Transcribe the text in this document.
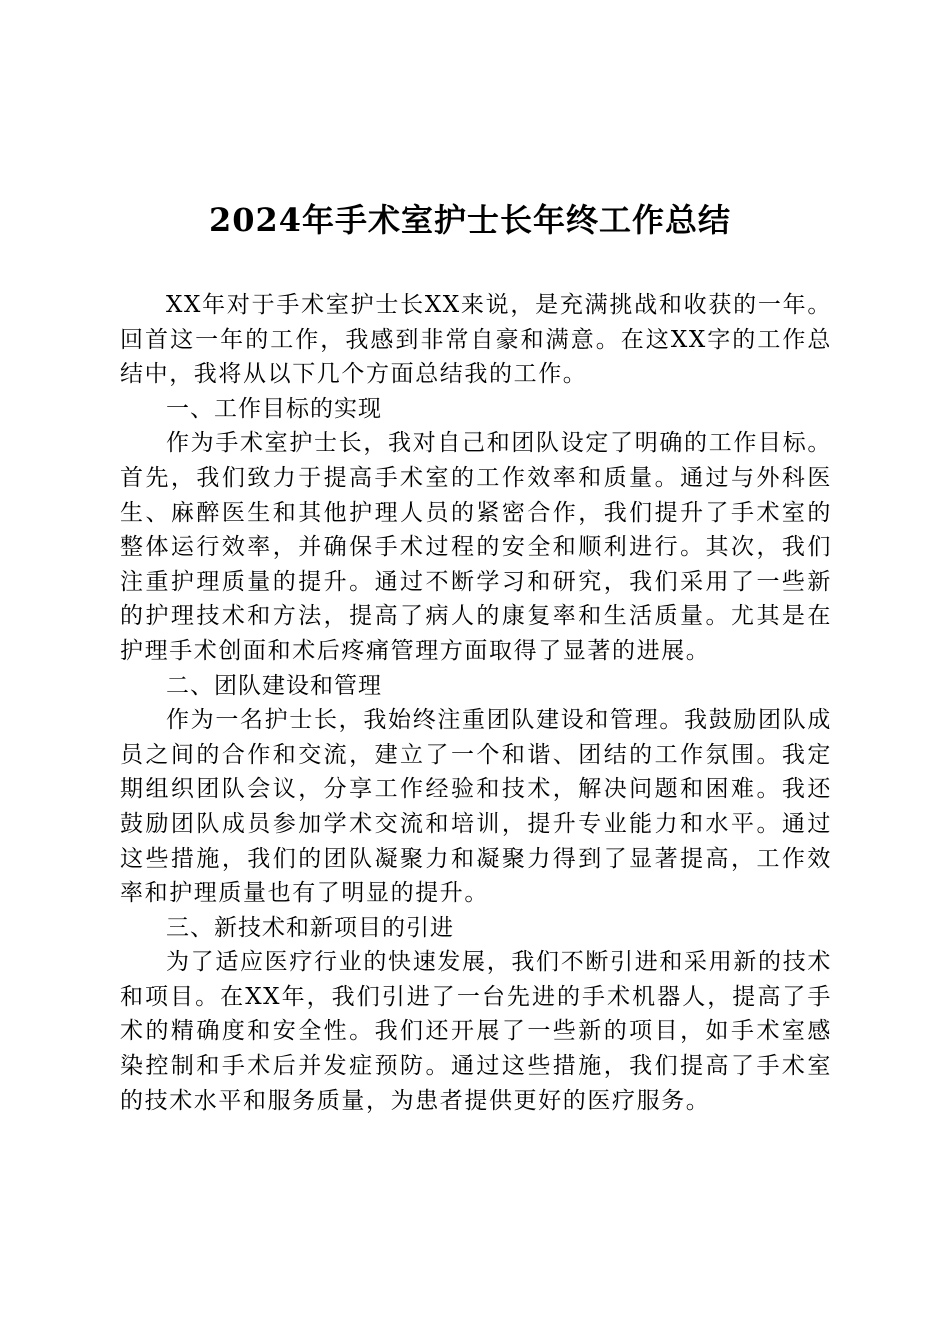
2024年手术室护士长年终工作总结

XX年对于手术室护士长XX来说，是充满挑战和收获的一年。回首这一年的工作，我感到非常自豪和满意。在这XX字的工作总结中，我将从以下几个方面总结我的工作。

一、工作目标的实现

作为手术室护士长，我对自己和团队设定了明确的工作目标。首先，我们致力于提高手术室的工作效率和质量。通过与外科医生、麻醉医生和其他护理人员的紧密合作，我们提升了手术室的整体运行效率，并确保手术过程的安全和顺利进行。其次，我们注重护理质量的提升。通过不断学习和研究，我们采用了一些新的护理技术和方法，提高了病人的康复率和生活质量。尤其是在护理手术创面和术后疼痛管理方面取得了显著的进展。

二、团队建设和管理

作为一名护士长，我始终注重团队建设和管理。我鼓励团队成员之间的合作和交流，建立了一个和谐、团结的工作氛围。我定期组织团队会议，分享工作经验和技术，解决问题和困难。我还鼓励团队成员参加学术交流和培训，提升专业能力和水平。通过这些措施，我们的团队凝聚力和凝聚力得到了显著提高，工作效率和护理质量也有了明显的提升。

三、新技术和新项目的引进

为了适应医疗行业的快速发展，我们不断引进和采用新的技术和项目。在XX年，我们引进了一台先进的手术机器人，提高了手术的精确度和安全性。我们还开展了一些新的项目，如手术室感染控制和手术后并发症预防。通过这些措施，我们提高了手术室的技术水平和服务质量，为患者提供更好的医疗服务。
